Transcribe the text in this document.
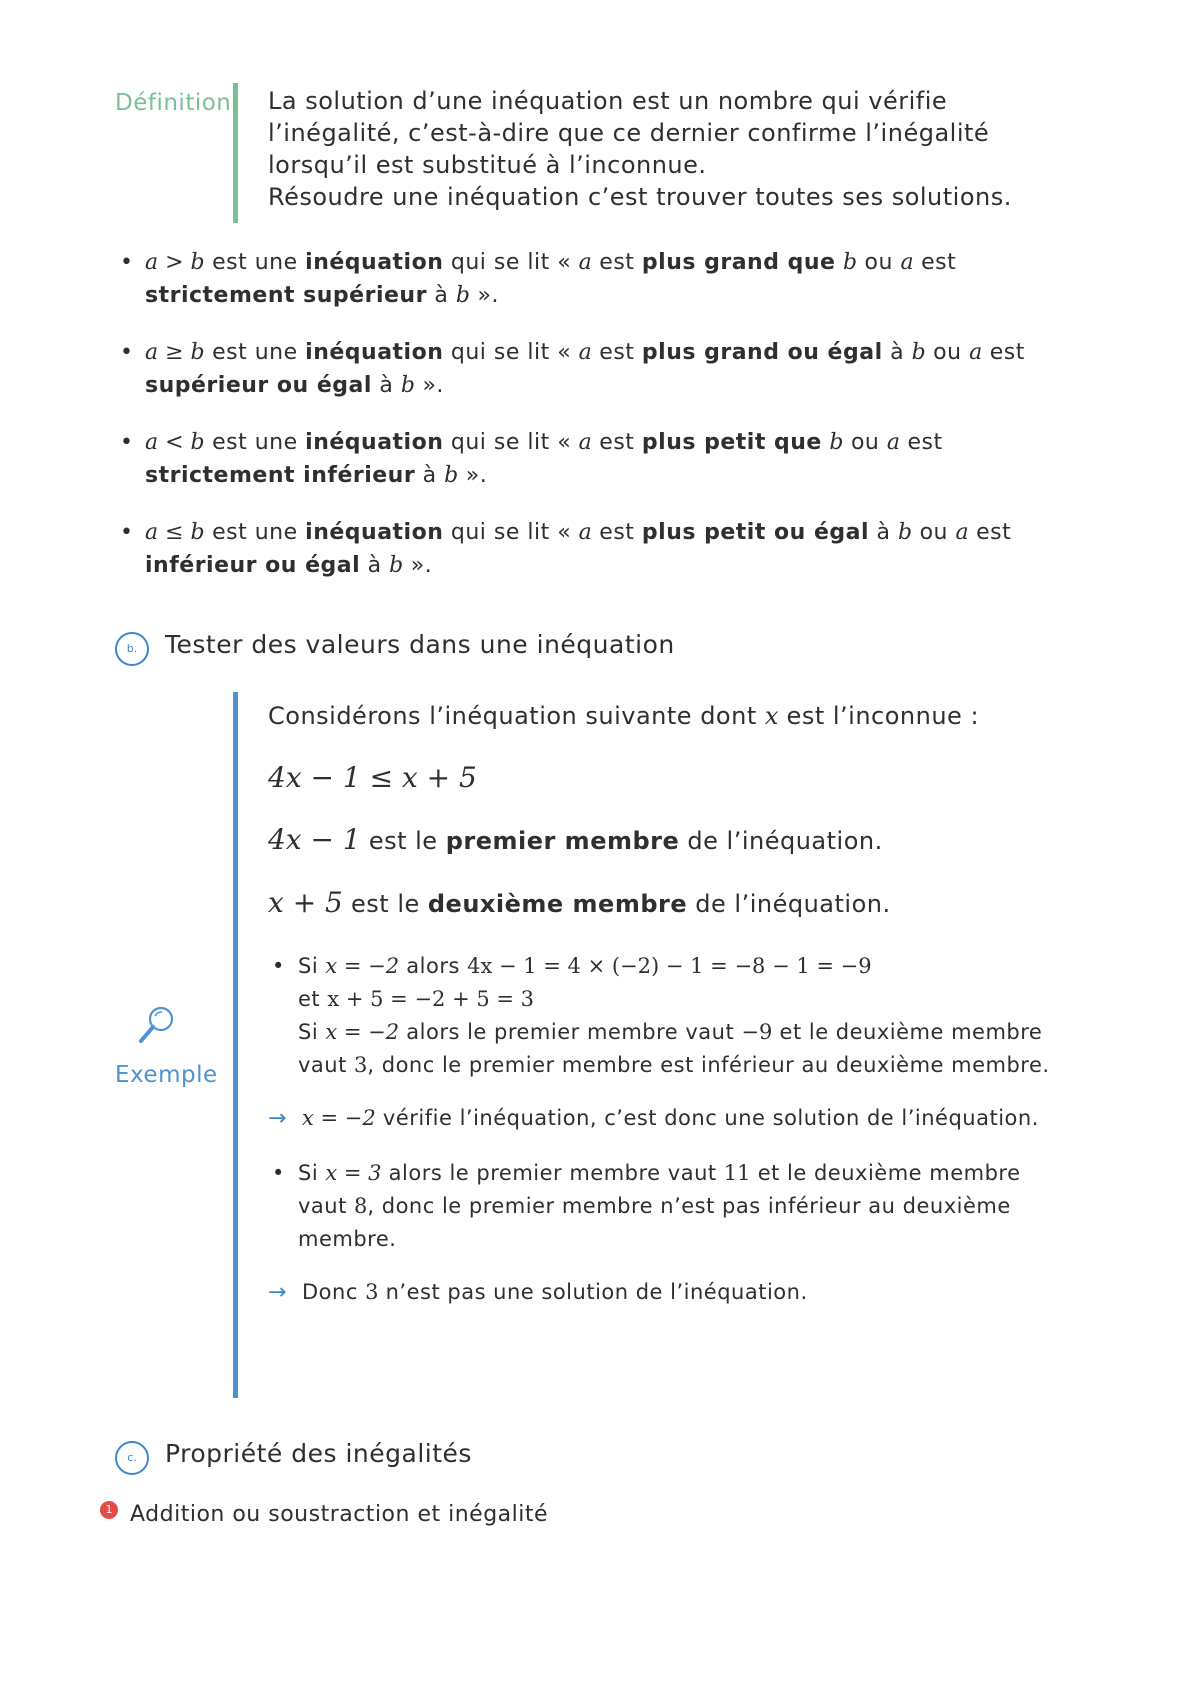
Définition La solution d’une inéquation est un nombre qui vérifie
l’inégalité, c’est-à-dire que ce dernier confirme l’inégalité
lorsqu’il est substitué à l’inconnue.
Résoudre une inéquation c’est trouver toutes ses solutions.
• a > b est une inéquation qui se lit « a est plus grand que b ou a est strictement supérieur à b ».
• a ≥ b est une inéquation qui se lit « a est plus grand ou égal à b ou a est supérieur ou égal à b ».
• a < b est une inéquation qui se lit « a est plus petit que b ou a est strictement inférieur à b ».
• a ≤ b est une inéquation qui se lit « a est plus petit ou égal à b ou a est inférieur ou égal à b ».
b.	Tester des valeurs dans une inéquation
Exemple

Considérons l’inéquation suivante dont x est l’inconnue :

4x − 1 ≤ x + 5

4x − 1 est le premier membre de l’inéquation.

x + 5 est le deuxième membre de l’inéquation.

• Si x = −2 alors 4x − 1 = 4 × (−2) − 1 = −8 − 1 = −9
et x + 5 = −2 + 5 = 3
Si x = −2 alors le premier membre vaut −9 et le deuxième membre vaut 3, donc le premier membre est inférieur au deuxième membre.
→ x = −2 vérifie l’inéquation, c’est donc une solution de l’inéquation.
• Si x = 3 alors le premier membre vaut 11 et le deuxième membre vaut 8, donc le premier membre n’est pas inférieur au deuxième membre.
→ Donc 3 n’est pas une solution de l’inéquation.
c.	Propriété des inégalités
1 Addition ou soustraction et inégalité
